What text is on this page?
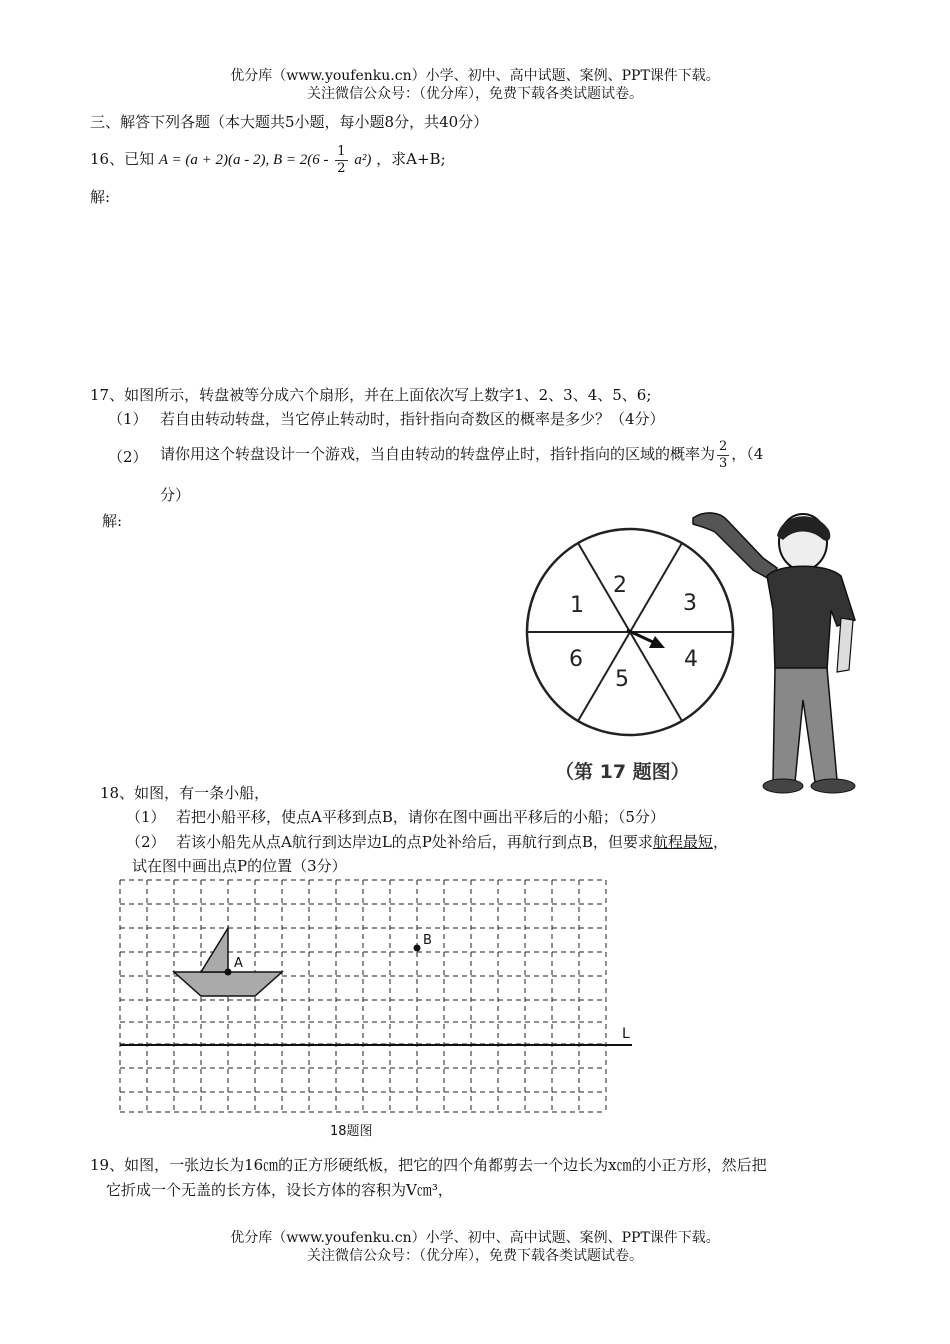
优分库（www.youfenku.cn）小学、初中、高中试题、案例、PPT课件下载。
关注微信公众号：（优分库），免费下载各类试题试卷。
三、解答下列各题（本大题共5小题，每小题8分，共40分）
16、已知 A = (a + 2)(a - 2), $B = 2(6 - \frac{1}{2} a^2)$ ，求A+B;
解:
17、如图所示，转盘被等分成六个扇形，并在上面依次写上数字1、2、3、4、5、6;
（1） 若自由转动转盘，当它停止转动时，指针指向奇数区的概率是多少？（4分）
（2） 请你用这个转盘设计一个游戏，当自由转动的转盘停止时，指针指向的区域的概率为 $\frac{2}{3}$ ，（4
分）
解:
1
2
3
4
5
6
（第 17 题图）
18、如图，有一条小船，
（1） 若把小船平移，使点A平移到点B，请你在图中画出平移后的小船；（5分）
（2） 若该小船先从点A航行到达岸边L的点P处补给后，再航行到点B，但要求航程最短，
试在图中画出点P的位置（3分）
L
A
B
18题图
19、如图，一张边长为16㎝的正方形硬纸板，把它的四个角都剪去一个边长为x㎝的小正方形，然后把
它折成一个无盖的长方体，设长方体的容积为V㎝³，
优分库（www.youfenku.cn）小学、初中、高中试题、案例、PPT课件下载。
关注微信公众号：（优分库），免费下载各类试题试卷。
